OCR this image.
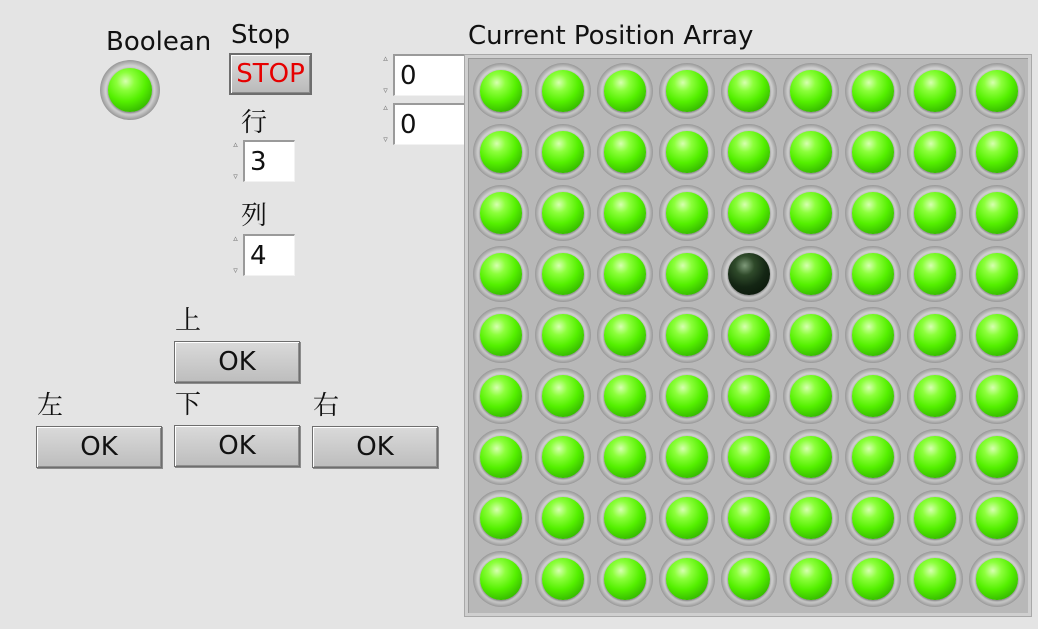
Boolean Stop
STOP
行
▵
▿ 3
列
▵
▿ 4
▵
▿ 0
▵
▿ 0
上
OK
左
OK
下
OK
右
OK
Current Position Array
